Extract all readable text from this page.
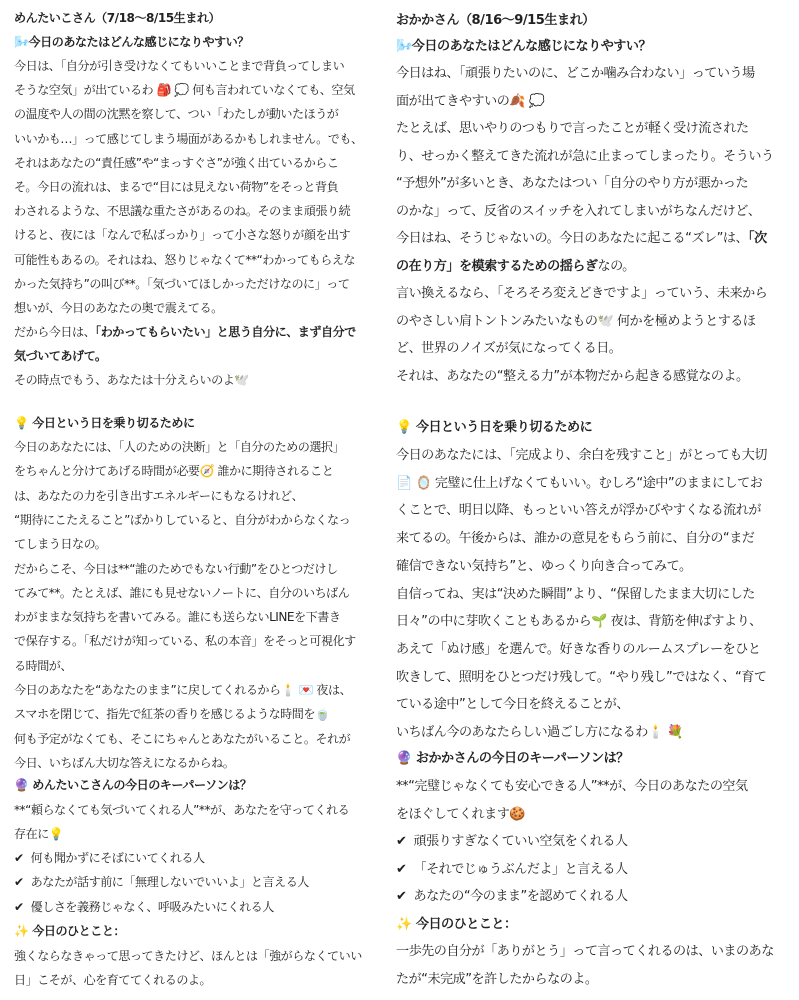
めんたいこさん（7/18〜8/15生まれ）
🌬️今日のあなたはどんな感じになりやすい？
だから今日は、「わかってもらいたい」と思う自分に、まず自分で
気づいてあげて。
その時点でもう、あなたは十分えらいのよ🕊️
💡 今日という日を乗り切るために
🔮 めんたいこさんの今日のキーパーソンは？
✨ 今日のひとこと：
今日は、「自分が引き受けなくてもいいことまで背負ってしまい
そうな空気」が出ているわ 🎒 💭 何も言われていなくても、空気
の温度や人の間の沈黙を察して、つい「わたしが動いたほうが
いいかも…」って感じてしまう場面があるかもしれません。でも、
それはあなたの“責任感”や“まっすぐさ”が強く出ているからこ
そ。今日の流れは、まるで“目には見えない荷物”をそっと背負
わされるような、不思議な重たさがあるのね。そのまま頑張り続
けると、夜には「なんで私ばっかり」って小さな怒りが顔を出す
可能性もあるの。それはね、怒りじゃなくて**“わかってもらえな
かった気持ち”の叫び**。「気づいてほしかっただけなのに」って
想いが、今日のあなたの奥で震えてる。
今日のあなたには、「人のための決断」と「自分のための選択」
をちゃんと分けてあげる時間が必要🧭 誰かに期待されること
は、あなたの力を引き出すエネルギーにもなるけれど、
“期待にこたえること”ばかりしていると、自分がわからなくなっ
てしまう日なの。
だからこそ、今日は**“誰のためでもない行動”をひとつだけし
てみて**。たとえば、誰にも見せないノートに、自分のいちばん
わがままな気持ちを書いてみる。誰にも送らないLINEを下書き
で保存する。「私だけが知っている、私の本音」をそっと可視化す
る時間が、
今日のあなたを“あなたのまま”に戻してくれるから🕯️ 💌 夜は、
スマホを閉じて、指先で紅茶の香りを感じるような時間を🍵
何も予定がなくても、そこにちゃんとあなたがいること。それが
今日、いちばん大切な答えになるからね。
**“頼らなくても気づいてくれる人”**が、あなたを守ってくれる
存在に💡
強くならなきゃって思ってきたけど、ほんとは「強がらなくていい
日」こそが、心を育ててくれるのよ。
✔ 何も聞かずにそばにいてくれる人
✔ あなたが話す前に「無理しないでいいよ」と言える人
✔ 優しさを義務じゃなく、呼吸みたいにくれる人
おかかさん（8/16〜9/15生まれ）
🌬️今日のあなたはどんな感じになりやすい？
今日はね、そうじゃないの。今日のあなたに起こる“ズレ”は、「次
の在り方」を模索するための揺らぎなの。
💡 今日という日を乗り切るために
🔮 おかかさんの今日のキーパーソンは？
✨ 今日のひとこと：
今日はね、「頑張りたいのに、どこか噛み合わない」っていう場
面が出てきやすいの🍂 💭
たとえば、思いやりのつもりで言ったことが軽く受け流された
り、せっかく整えてきた流れが急に止まってしまったり。そういう
“予想外”が多いとき、あなたはつい「自分のやり方が悪かった
のかな」って、反省のスイッチを入れてしまいがちなんだけど、
言い換えるなら、「そろそろ変えどきですよ」っていう、未来から
のやさしい肩トントンみたいなもの🕊️ 何かを極めようとするほ
ど、世界のノイズが気になってくる日。
それは、あなたの“整える力”が本物だから起きる感覚なのよ。
今日のあなたには、「完成より、余白を残すこと」がとっても大切
📄 🪞 完璧に仕上げなくてもいい。むしろ“途中”のままにしてお
くことで、明日以降、もっといい答えが浮かびやすくなる流れが
来てるの。午後からは、誰かの意見をもらう前に、自分の“まだ
確信できない気持ち”と、ゆっくり向き合ってみて。
自信ってね、実は“決めた瞬間”より、“保留したまま大切にした
日々”の中に芽吹くこともあるから🌱 夜は、背筋を伸ばすより、
あえて「ぬけ感」を選んで。好きな香りのルームスプレーをひと
吹きして、照明をひとつだけ残して。“やり残し”ではなく、“育て
ている途中”として今日を終えることが、
いちばん今のあなたらしい過ごし方になるわ🕯️ 💐
**“完璧じゃなくても安心できる人”**が、今日のあなたの空気
をほぐしてくれます🍪
一歩先の自分が「ありがとう」って言ってくれるのは、いまのあな
たが“未完成”を許したからなのよ。
✔ 頑張りすぎなくていい空気をくれる人
✔ 「それでじゅうぶんだよ」と言える人
✔ あなたの“今のまま”を認めてくれる人
